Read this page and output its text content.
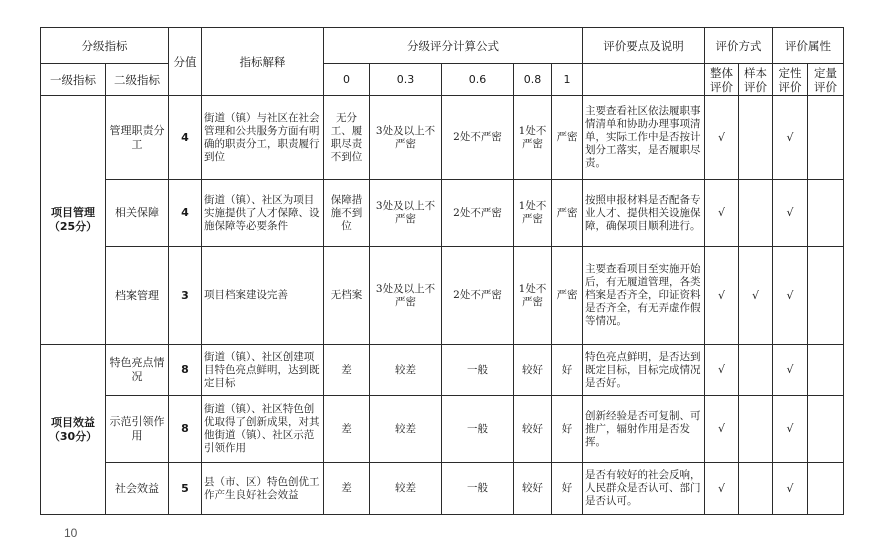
分级指标		分值	指标解释	分级评分计算公式					评价要点及说明	评价方式		评价属性	
一级指标	二级指标			0	0.3	0.6	0.8	1		整体评价	样本评价	定性评价	定量评价
项目管理（25分）	管理职责分工	4	街道（镇）与社区在社会管理和公共服务方面有明确的职责分工，职责履行到位	无分工、履职尽责不到位	3处及以上不严密	2处不严密	1处不严密	严密	主要查看社区依法履职事情清单和协助办理事项清单，实际工作中是否按计划分工落实，是否履职尽责。	√		√	
	相关保障	4	街道（镇）、社区为项目实施提供了人才保障、设施保障等必要条件	保障措施不到位	3处及以上不严密	2处不严密	1处不严密	严密	按照申报材料是否配备专业人才、提供相关设施保障，确保项目顺利进行。	√		√	
	档案管理	3	项目档案建设完善	无档案	3处及以上不严密	2处不严密	1处不严密	严密	主要查看项目至实施开始后，有无履道管理，各类档案是否齐全，印证资料是否齐全，有无弄虚作假等情况。	√	√	√	
项目效益（30分）	特色亮点情况	8	街道（镇）、社区创建项目特色亮点鲜明，达到既定目标	差	较差	一般	较好	好	特色亮点鲜明，是否达到既定目标，目标完成情况是否好。	√		√	
	示范引领作用	8	街道（镇）、社区特色创优取得了创新成果，对其他街道（镇）、社区示范引领作用	差	较差	一般	较好	好	创新经验是否可复制、可推广，辐射作用是否发挥。	√		√	
	社会效益	5	县（市、区）特色创优工作产生良好社会效益	差	较差	一般	较好	好	是否有较好的社会反响，人民群众是否认可、部门是否认可。	√		√	
10
